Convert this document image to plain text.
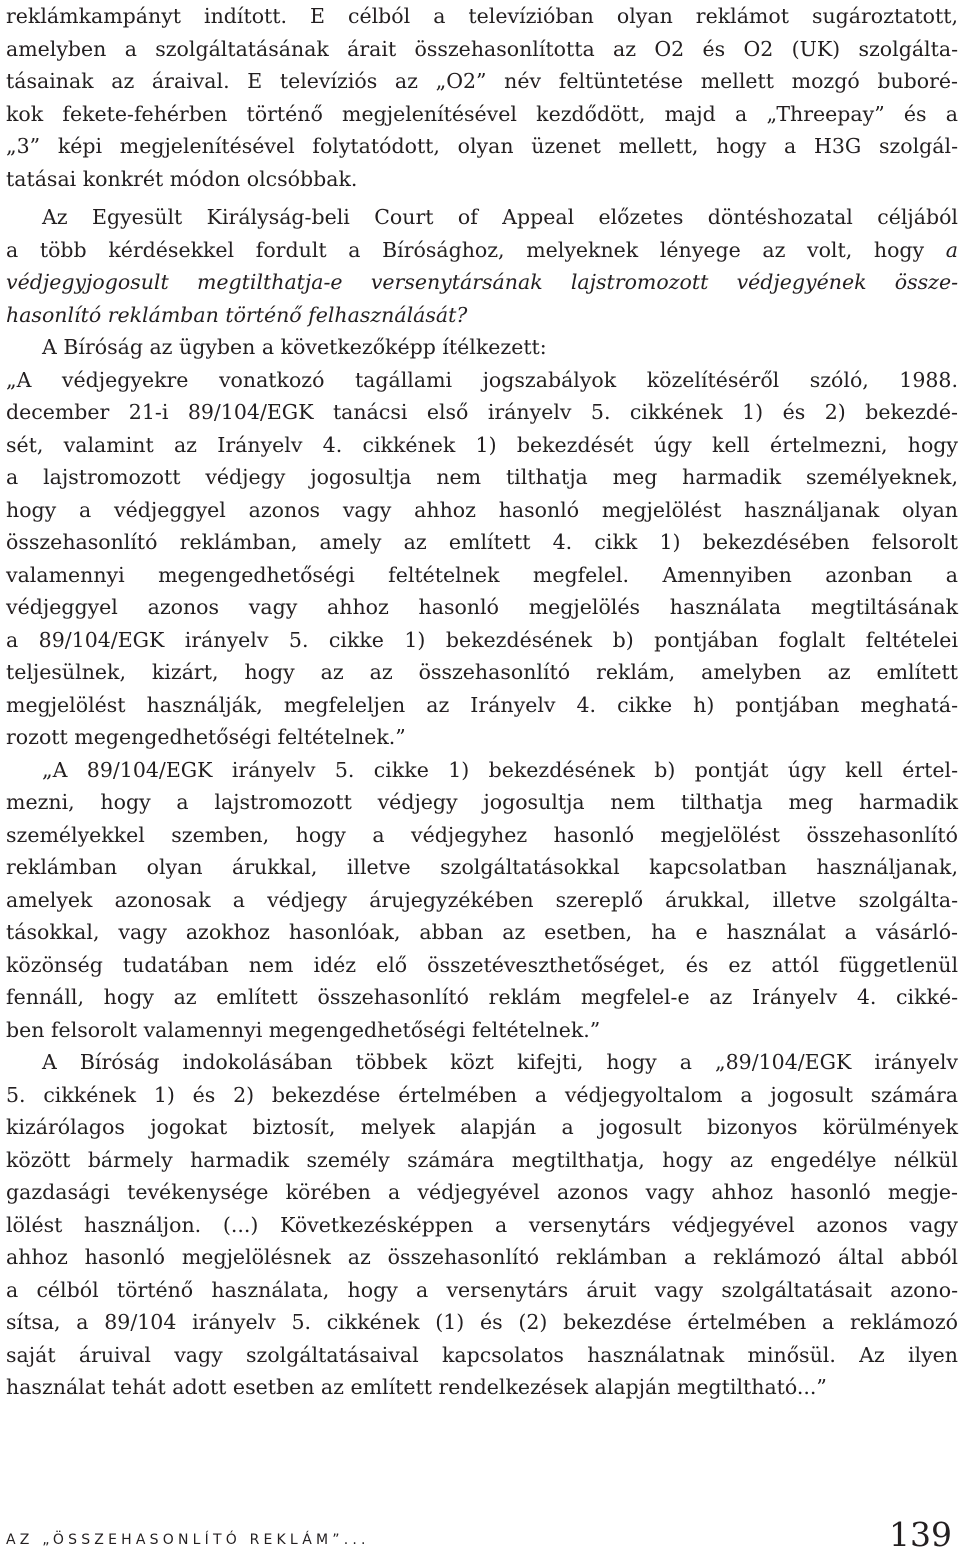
reklámkampányt indított. E célból a televízióban olyan reklámot sugároztatott,
amelyben a szolgáltatásának árait összehasonlította az O2 és O2 (UK) szolgálta-
tásainak az áraival. E televíziós az „O2” név feltüntetése mellett mozgó buboré-
kok fekete-fehérben történő megjelenítésével kezdődött, majd a „Threepay” és a
„3” képi megjelenítésével folytatódott, olyan üzenet mellett, hogy a H3G szolgál-
tatásai konkrét módon olcsóbbak.
Az Egyesült Királyság-beli Court of Appeal előzetes döntéshozatal céljából
a több kérdésekkel fordult a Bírósághoz, melyeknek lényege az volt, hogy a
védjegyjogosult megtilthatja-e versenytársának lajstromozott védjegyének össze-
hasonlító reklámban történő felhasználását?
A Bíróság az ügyben a következőképp ítélkezett:
„A védjegyekre vonatkozó tagállami jogszabályok közelítéséről szóló, 1988.
december 21-i 89/104/EGK tanácsi első irányelv 5. cikkének 1) és 2) bekezdé-
sét, valamint az Irányelv 4. cikkének 1) bekezdését úgy kell értelmezni, hogy
a lajstromozott védjegy jogosultja nem tilthatja meg harmadik személyeknek,
hogy a védjeggyel azonos vagy ahhoz hasonló megjelölést használjanak olyan
összehasonlító reklámban, amely az említett 4. cikk 1) bekezdésében felsorolt
valamennyi megengedhetőségi feltételnek megfelel. Amennyiben azonban a
védjeggyel azonos vagy ahhoz hasonló megjelölés használata megtiltásának
a 89/104/EGK irányelv 5. cikke 1) bekezdésének b) pontjában foglalt feltételei
teljesülnek, kizárt, hogy az az összehasonlító reklám, amelyben az említett
megjelölést használják, megfeleljen az Irányelv 4. cikke h) pontjában meghatá-
rozott megengedhetőségi feltételnek.”
„A 89/104/EGK irányelv 5. cikke 1) bekezdésének b) pontját úgy kell értel-
mezni, hogy a lajstromozott védjegy jogosultja nem tilthatja meg harmadik
személyekkel szemben, hogy a védjegyhez hasonló megjelölést összehasonlító
reklámban olyan árukkal, illetve szolgáltatásokkal kapcsolatban használjanak,
amelyek azonosak a védjegy árujegyzékében szereplő árukkal, illetve szolgálta-
tásokkal, vagy azokhoz hasonlóak, abban az esetben, ha e használat a vásárló-
közönség tudatában nem idéz elő összetéveszthetőséget, és ez attól függetlenül
fennáll, hogy az említett összehasonlító reklám megfelel-e az Irányelv 4. cikké-
ben felsorolt valamennyi megengedhetőségi feltételnek.”
A Bíróság indokolásában többek közt kifejti, hogy a „89/104/EGK irányelv
5. cikkének 1) és 2) bekezdése értelmében a védjegyoltalom a jogosult számára
kizárólagos jogokat biztosít, melyek alapján a jogosult bizonyos körülmények
között bármely harmadik személy számára megtilthatja, hogy az engedélye nélkül
gazdasági tevékenysége körében a védjegyével azonos vagy ahhoz hasonló megje-
lölést használjon. (...) Következésképpen a versenytárs védjegyével azonos vagy
ahhoz hasonló megjelölésnek az összehasonlító reklámban a reklámozó által abból
a célból történő használata, hogy a versenytárs áruit vagy szolgáltatásait azono-
sítsa, a 89/104 irányelv 5. cikkének (1) és (2) bekezdése értelmében a reklámozó
saját áruival vagy szolgáltatásaival kapcsolatos használatnak minősül. Az ilyen
használat tehát adott esetben az említett rendelkezések alapján megtiltható...”
AZ „ÖSSZEHASONLÍTÓ REKLÁM”...	139
